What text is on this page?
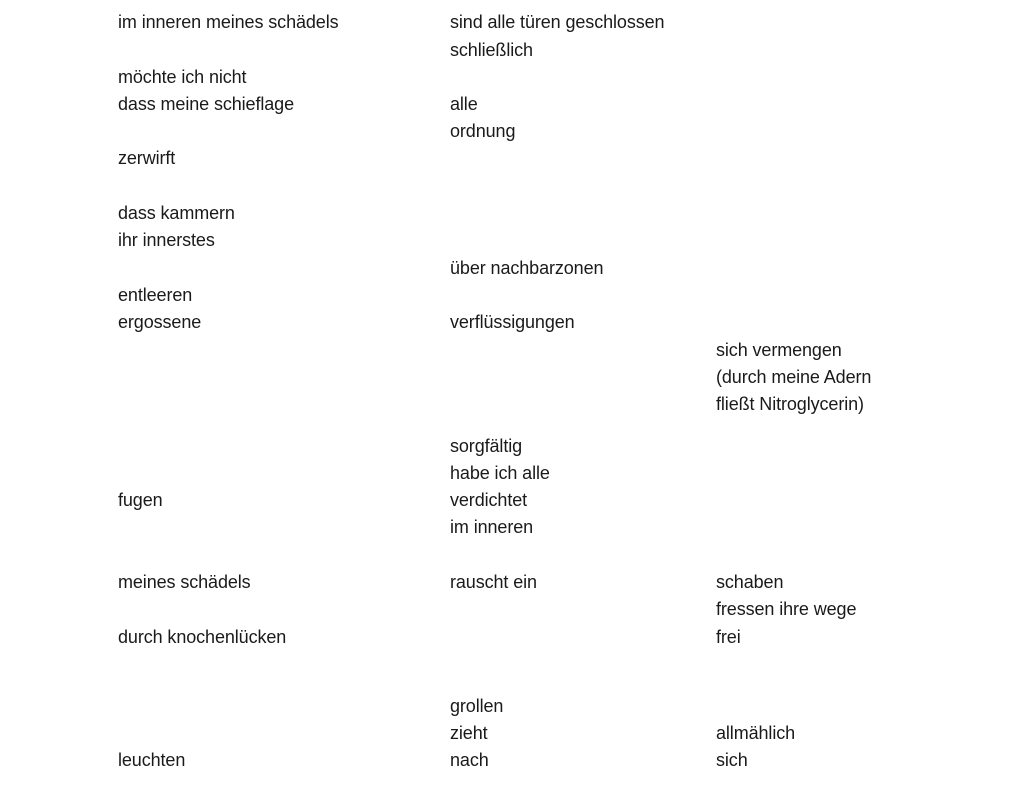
im inneren meines schädels
möchte ich nicht
dass meine schieflage
zerwirft
dass kammern
ihr innerstes
entleeren
ergossene
fugen
meines schädels
durch knochenlücken
leuchten
sind alle türen geschlossen
schließlich
alle
ordnung
über nachbarzonen
verflüssigungen
sorgfältig
habe ich alle
verdichtet
im inneren
rauscht ein
grollen
zieht
nach
sich vermengen
(durch meine Adern
fließt Nitroglycerin)
schaben
fressen ihre wege
frei
allmählich
sich
